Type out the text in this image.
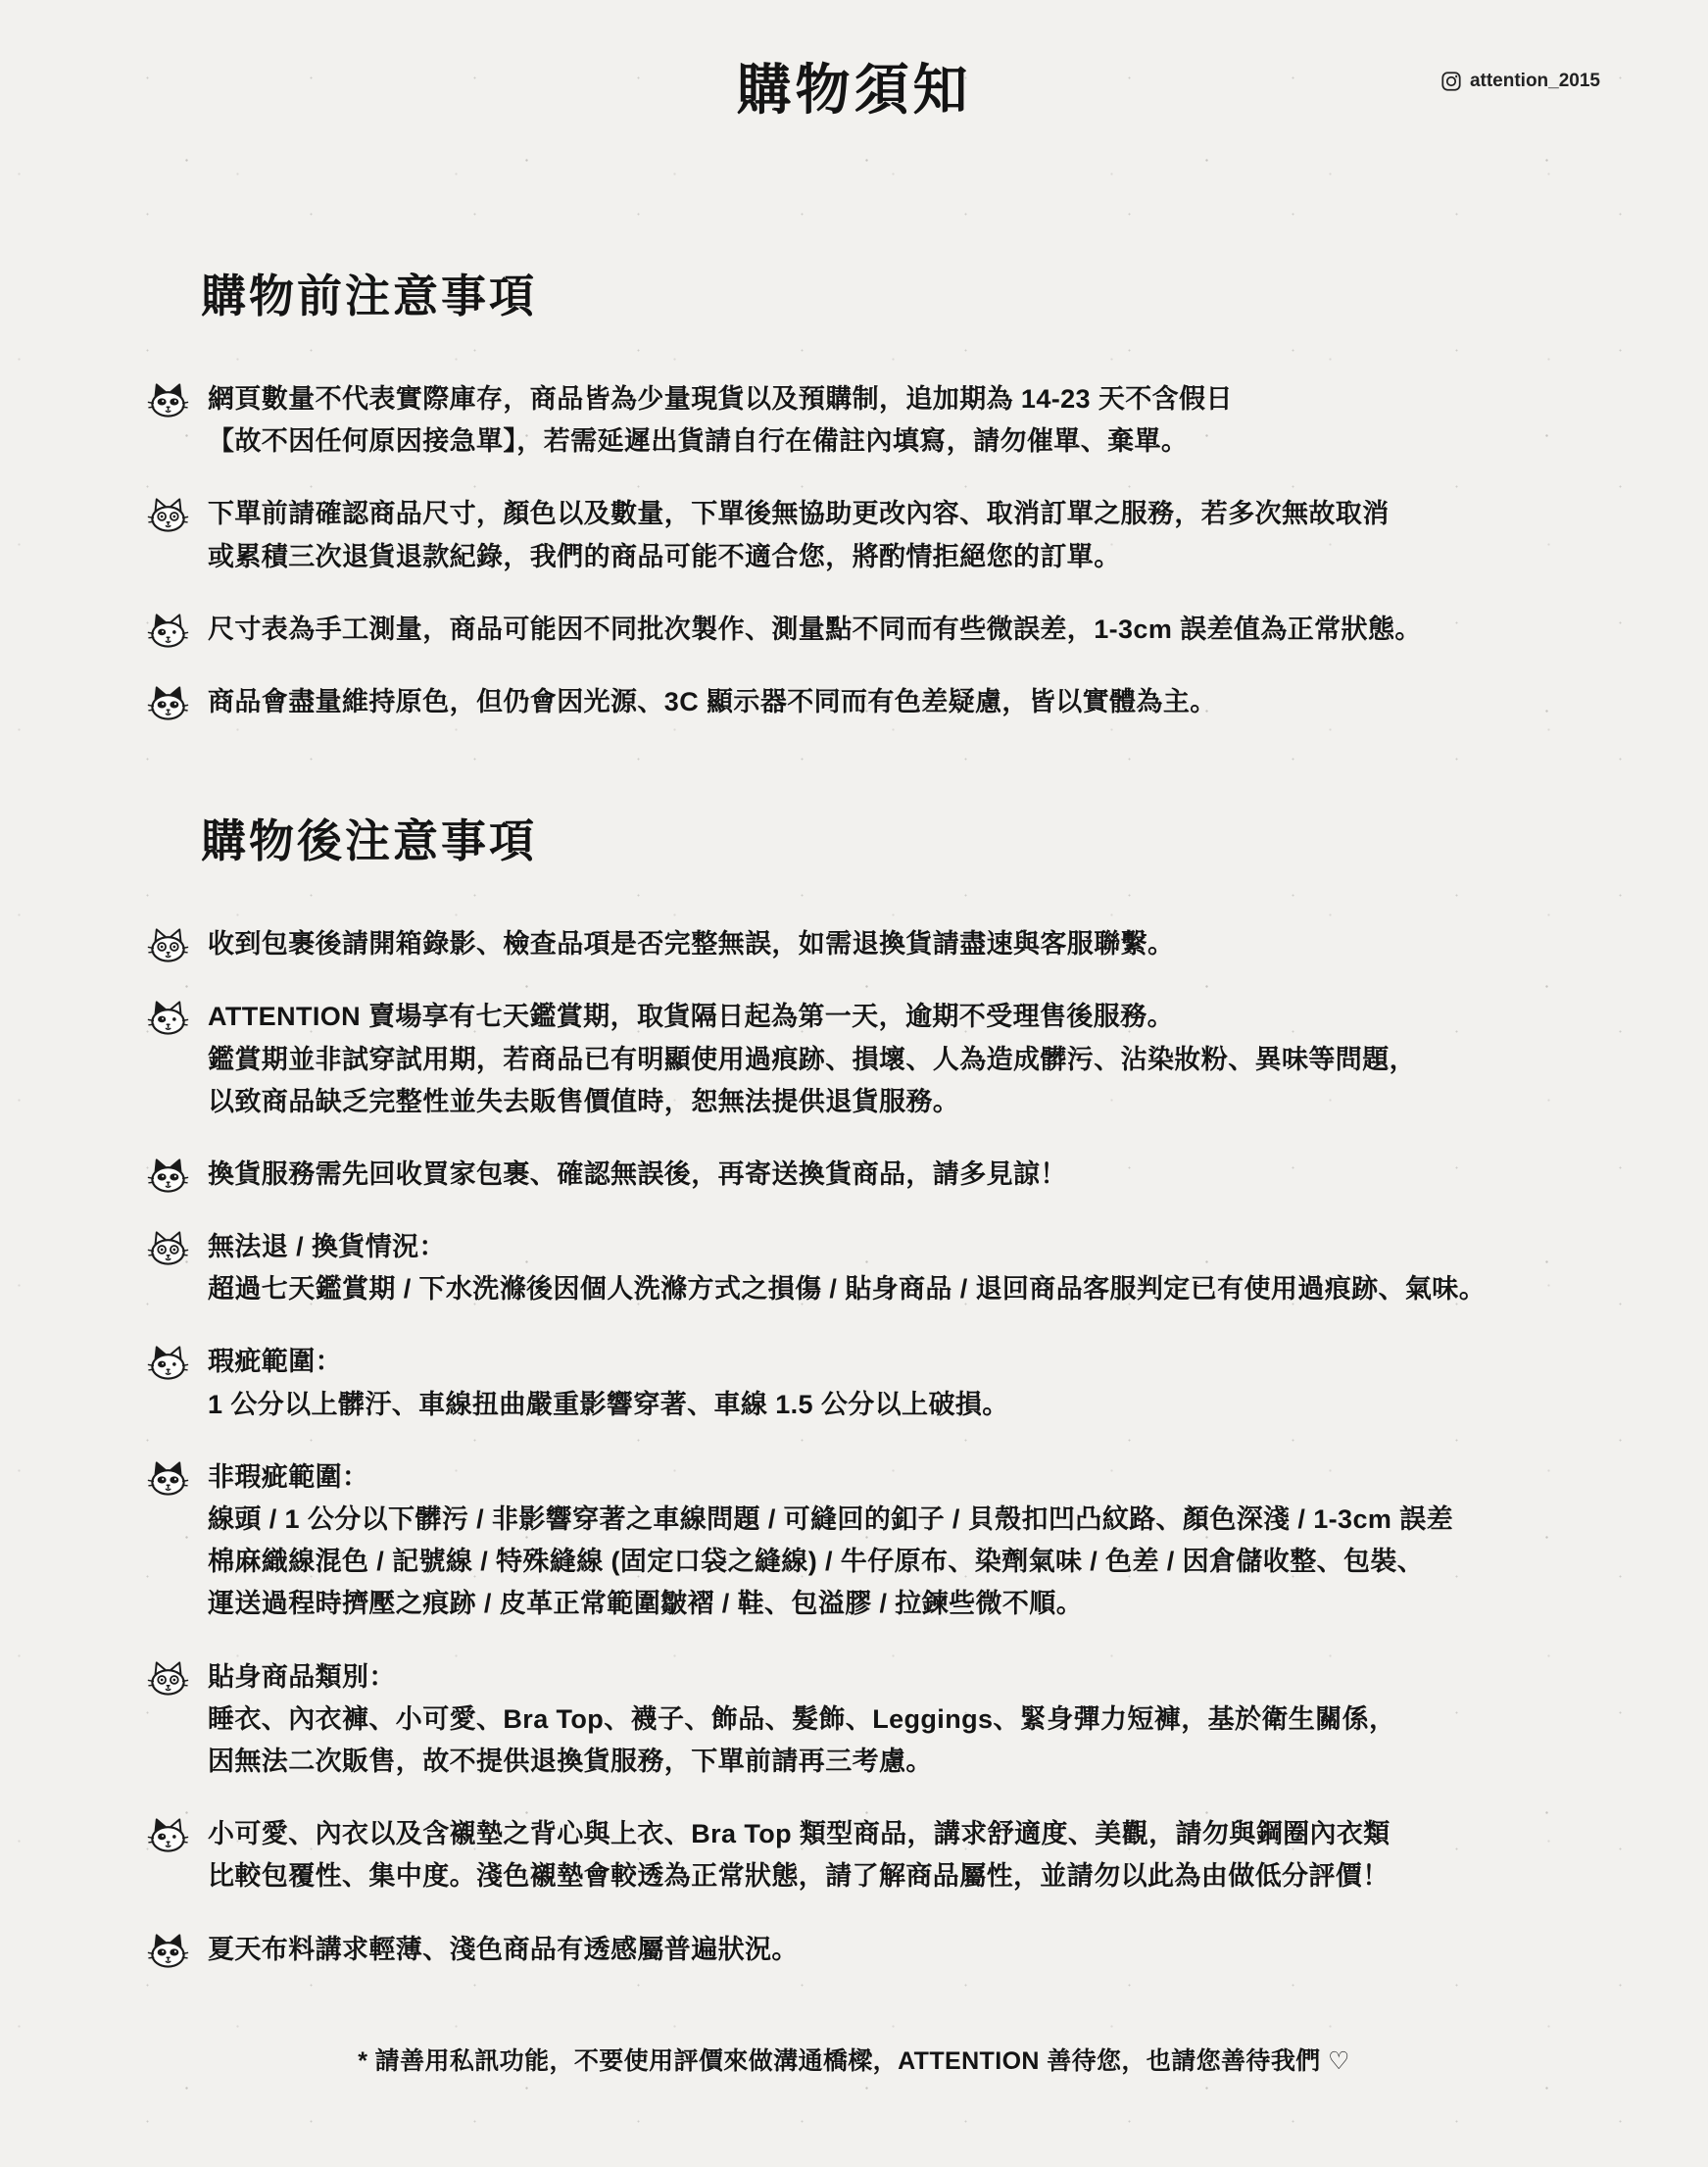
購物須知	attention_2015
購物前注意事項
網頁數量不代表實際庫存，商品皆為少量現貨以及預購制，追加期為 14-23 天不含假日
【故不因任何原因接急單】，若需延遲出貨請自行在備註內填寫，請勿催單、棄單。
下單前請確認商品尺寸，顏色以及數量，下單後無協助更改內容、取消訂單之服務，若多次無故取消
或累積三次退貨退款紀錄，我們的商品可能不適合您，將酌情拒絕您的訂單。
尺寸表為手工測量，商品可能因不同批次製作、測量點不同而有些微誤差，1-3cm 誤差值為正常狀態。
商品會盡量維持原色，但仍會因光源、3C 顯示器不同而有色差疑慮，皆以實體為主。
購物後注意事項
收到包裹後請開箱錄影、檢查品項是否完整無誤，如需退換貨請盡速與客服聯繫。
ATTENTION 賣場享有七天鑑賞期，取貨隔日起為第一天，逾期不受理售後服務。
鑑賞期並非試穿試用期，若商品已有明顯使用過痕跡、損壞、人為造成髒污、沾染妝粉、異味等問題，
以致商品缺乏完整性並失去販售價值時，恕無法提供退貨服務。
換貨服務需先回收買家包裹、確認無誤後，再寄送換貨商品，請多見諒！
無法退 / 換貨情況：
超過七天鑑賞期 / 下水洗滌後因個人洗滌方式之損傷 / 貼身商品 / 退回商品客服判定已有使用過痕跡、氣味。
瑕疵範圍：
1 公分以上髒汙、車線扭曲嚴重影響穿著、車線 1.5 公分以上破損。
非瑕疵範圍：
線頭 / 1 公分以下髒污 / 非影響穿著之車線問題 / 可縫回的釦子 / 貝殼扣凹凸紋路、顏色深淺 / 1-3cm 誤差
棉麻織線混色 / 記號線 / 特殊縫線 (固定口袋之縫線) / 牛仔原布、染劑氣味 / 色差 / 因倉儲收整、包裝、
運送過程時擠壓之痕跡 / 皮革正常範圍皺褶 / 鞋、包溢膠 / 拉鍊些微不順。
貼身商品類別：
睡衣、內衣褲、小可愛、Bra Top、襪子、飾品、髮飾、Leggings、緊身彈力短褲，基於衛生關係，
因無法二次販售，故不提供退換貨服務，下單前請再三考慮。
小可愛、內衣以及含襯墊之背心與上衣、Bra Top 類型商品，講求舒適度、美觀，請勿與鋼圈內衣類
比較包覆性、集中度。淺色襯墊會較透為正常狀態，請了解商品屬性，並請勿以此為由做低分評價！
夏天布料講求輕薄、淺色商品有透感屬普遍狀況。
* 請善用私訊功能，不要使用評價來做溝通橋樑，ATTENTION 善待您，也請您善待我們 ♡
